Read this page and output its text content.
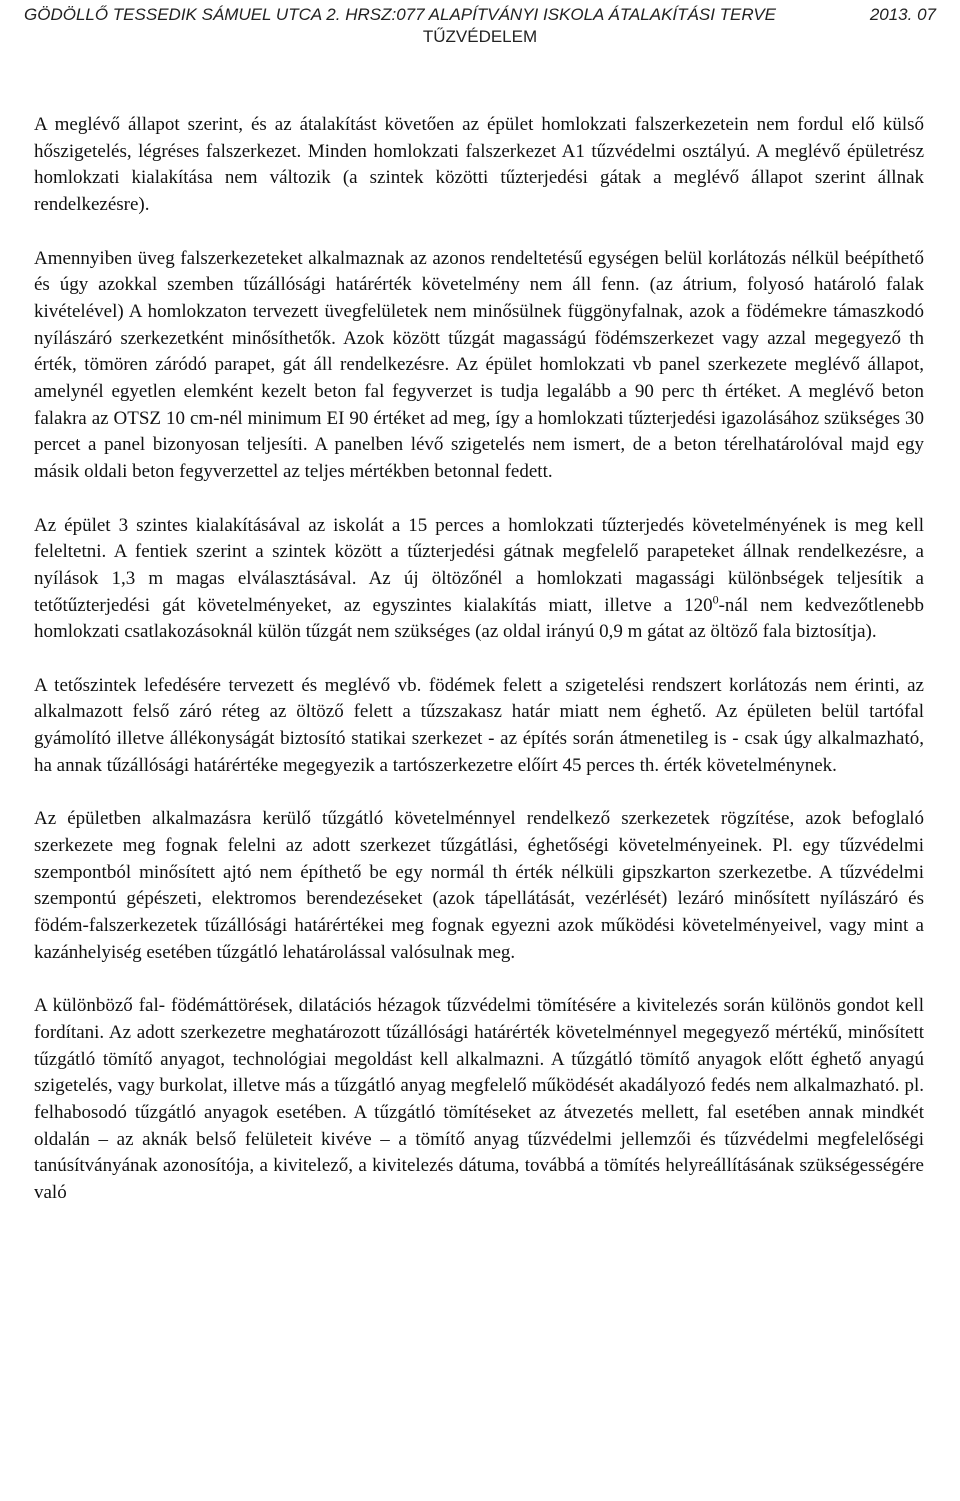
GÖDÖLLŐ TESSEDIK SÁMUEL UTCA 2. HRSZ:077 ALAPÍTVÁNYI ISKOLA ÁTALAKÍTÁSI TERVE	2013. 07
TŰZVÉDELEM

A meglévő állapot szerint, és az átalakítást követően az épület homlokzati falszerkezetein nem fordul elő külső hőszigetelés, légréses falszerkezet. Minden homlokzati falszerkezet A1 tűzvédelmi osztályú. A meglévő épületrész homlokzati kialakítása nem változik (a szintek közötti tűzterjedési gátak a meglévő állapot szerint állnak rendelkezésre).

Amennyiben üveg falszerkezeteket alkalmaznak az azonos rendeltetésű egységen belül korlátozás nélkül beépíthető és úgy azokkal szemben tűzállósági határérték követelmény nem áll fenn. (az átrium, folyosó határoló falak kivételével) A homlokzaton tervezett üvegfelületek nem minősülnek függönyfalnak, azok a födémekre támaszkodó nyílászáró szerkezetként minősíthetők. Azok között tűzgát magasságú födémszerkezet vagy azzal megegyező th érték, tömören záródó parapet, gát áll rendelkezésre. Az épület homlokzati vb panel szerkezete meglévő állapot, amelynél egyetlen elemként kezelt beton fal fegyverzet is tudja legalább a 90 perc th értéket. A meglévő beton falakra az OTSZ 10 cm-nél minimum EI 90 értéket ad meg, így a homlokzati tűzterjedési igazolásához szükséges 30 percet a panel bizonyosan teljesíti. A panelben lévő szigetelés nem ismert, de a beton térelhatárolóval majd egy másik oldali beton fegyverzettel az teljes mértékben betonnal fedett.

Az épület 3 szintes kialakításával az iskolát a 15 perces a homlokzati tűzterjedés követelményének is meg kell feleltetni. A fentiek szerint a szintek között a tűzterjedési gátnak megfelelő parapeteket állnak rendelkezésre, a nyílások 1,3 m magas elválasztásával. Az új öltözőnél a homlokzati magassági különbségek teljesítik a tetőtűzterjedési gát követelményeket, az egyszintes kialakítás miatt, illetve a $120^0$-nál nem kedvezőtlenebb homlokzati csatlakozásoknál külön tűzgát nem szükséges (az oldal irányú 0,9 m gátat az öltöző fala biztosítja).

A tetőszintek lefedésére tervezett és meglévő vb. födémek felett a szigetelési rendszert korlátozás nem érinti, az alkalmazott felső záró réteg az öltöző felett a tűzszakasz határ miatt nem éghető. Az épületen belül tartófal gyámolító illetve állékonyságát biztosító statikai szerkezet - az építés során átmenetileg is - csak úgy alkalmazható, ha annak tűzállósági határértéke megegyezik a tartószerkezetre előírt 45 perces th. érték követelménynek.

Az épületben alkalmazásra kerülő tűzgátló követelménnyel rendelkező szerkezetek rögzítése, azok befoglaló szerkezete meg fognak felelni az adott szerkezet tűzgátlási, éghetőségi követelményeinek. Pl. egy tűzvédelmi szempontból minősített ajtó nem építhető be egy normál th érték nélküli gipszkarton szerkezetbe. A tűzvédelmi szempontú gépészeti, elektromos berendezéseket (azok tápellátását, vezérlését) lezáró minősített nyílászáró és födém-falszerkezetek tűzállósági határértékei meg fognak egyezni azok működési követelményeivel, vagy mint a kazánhelyiség esetében tűzgátló lehatárolással valósulnak meg.

A különböző fal- födémáttörések, dilatációs hézagok tűzvédelmi tömítésére a kivitelezés során különös gondot kell fordítani. Az adott szerkezetre meghatározott tűzállósági határérték követelménnyel megegyező mértékű, minősített tűzgátló tömítő anyagot, technológiai megoldást kell alkalmazni. A tűzgátló tömítő anyagok előtt éghető anyagú szigetelés, vagy burkolat, illetve más a tűzgátló anyag megfelelő működését akadályozó fedés nem alkalmazható. pl. felhabosodó tűzgátló anyagok esetében. A tűzgátló tömítéseket az átvezetés mellett, fal esetében annak mindkét oldalán – az aknák belső felületeit kivéve – a tömítő anyag tűzvédelmi jellemzői és tűzvédelmi megfelelőségi tanúsítványának azonosítója, a kivitelező, a kivitelezés dátuma, továbbá a tömítés helyreállításának szükségességére való
